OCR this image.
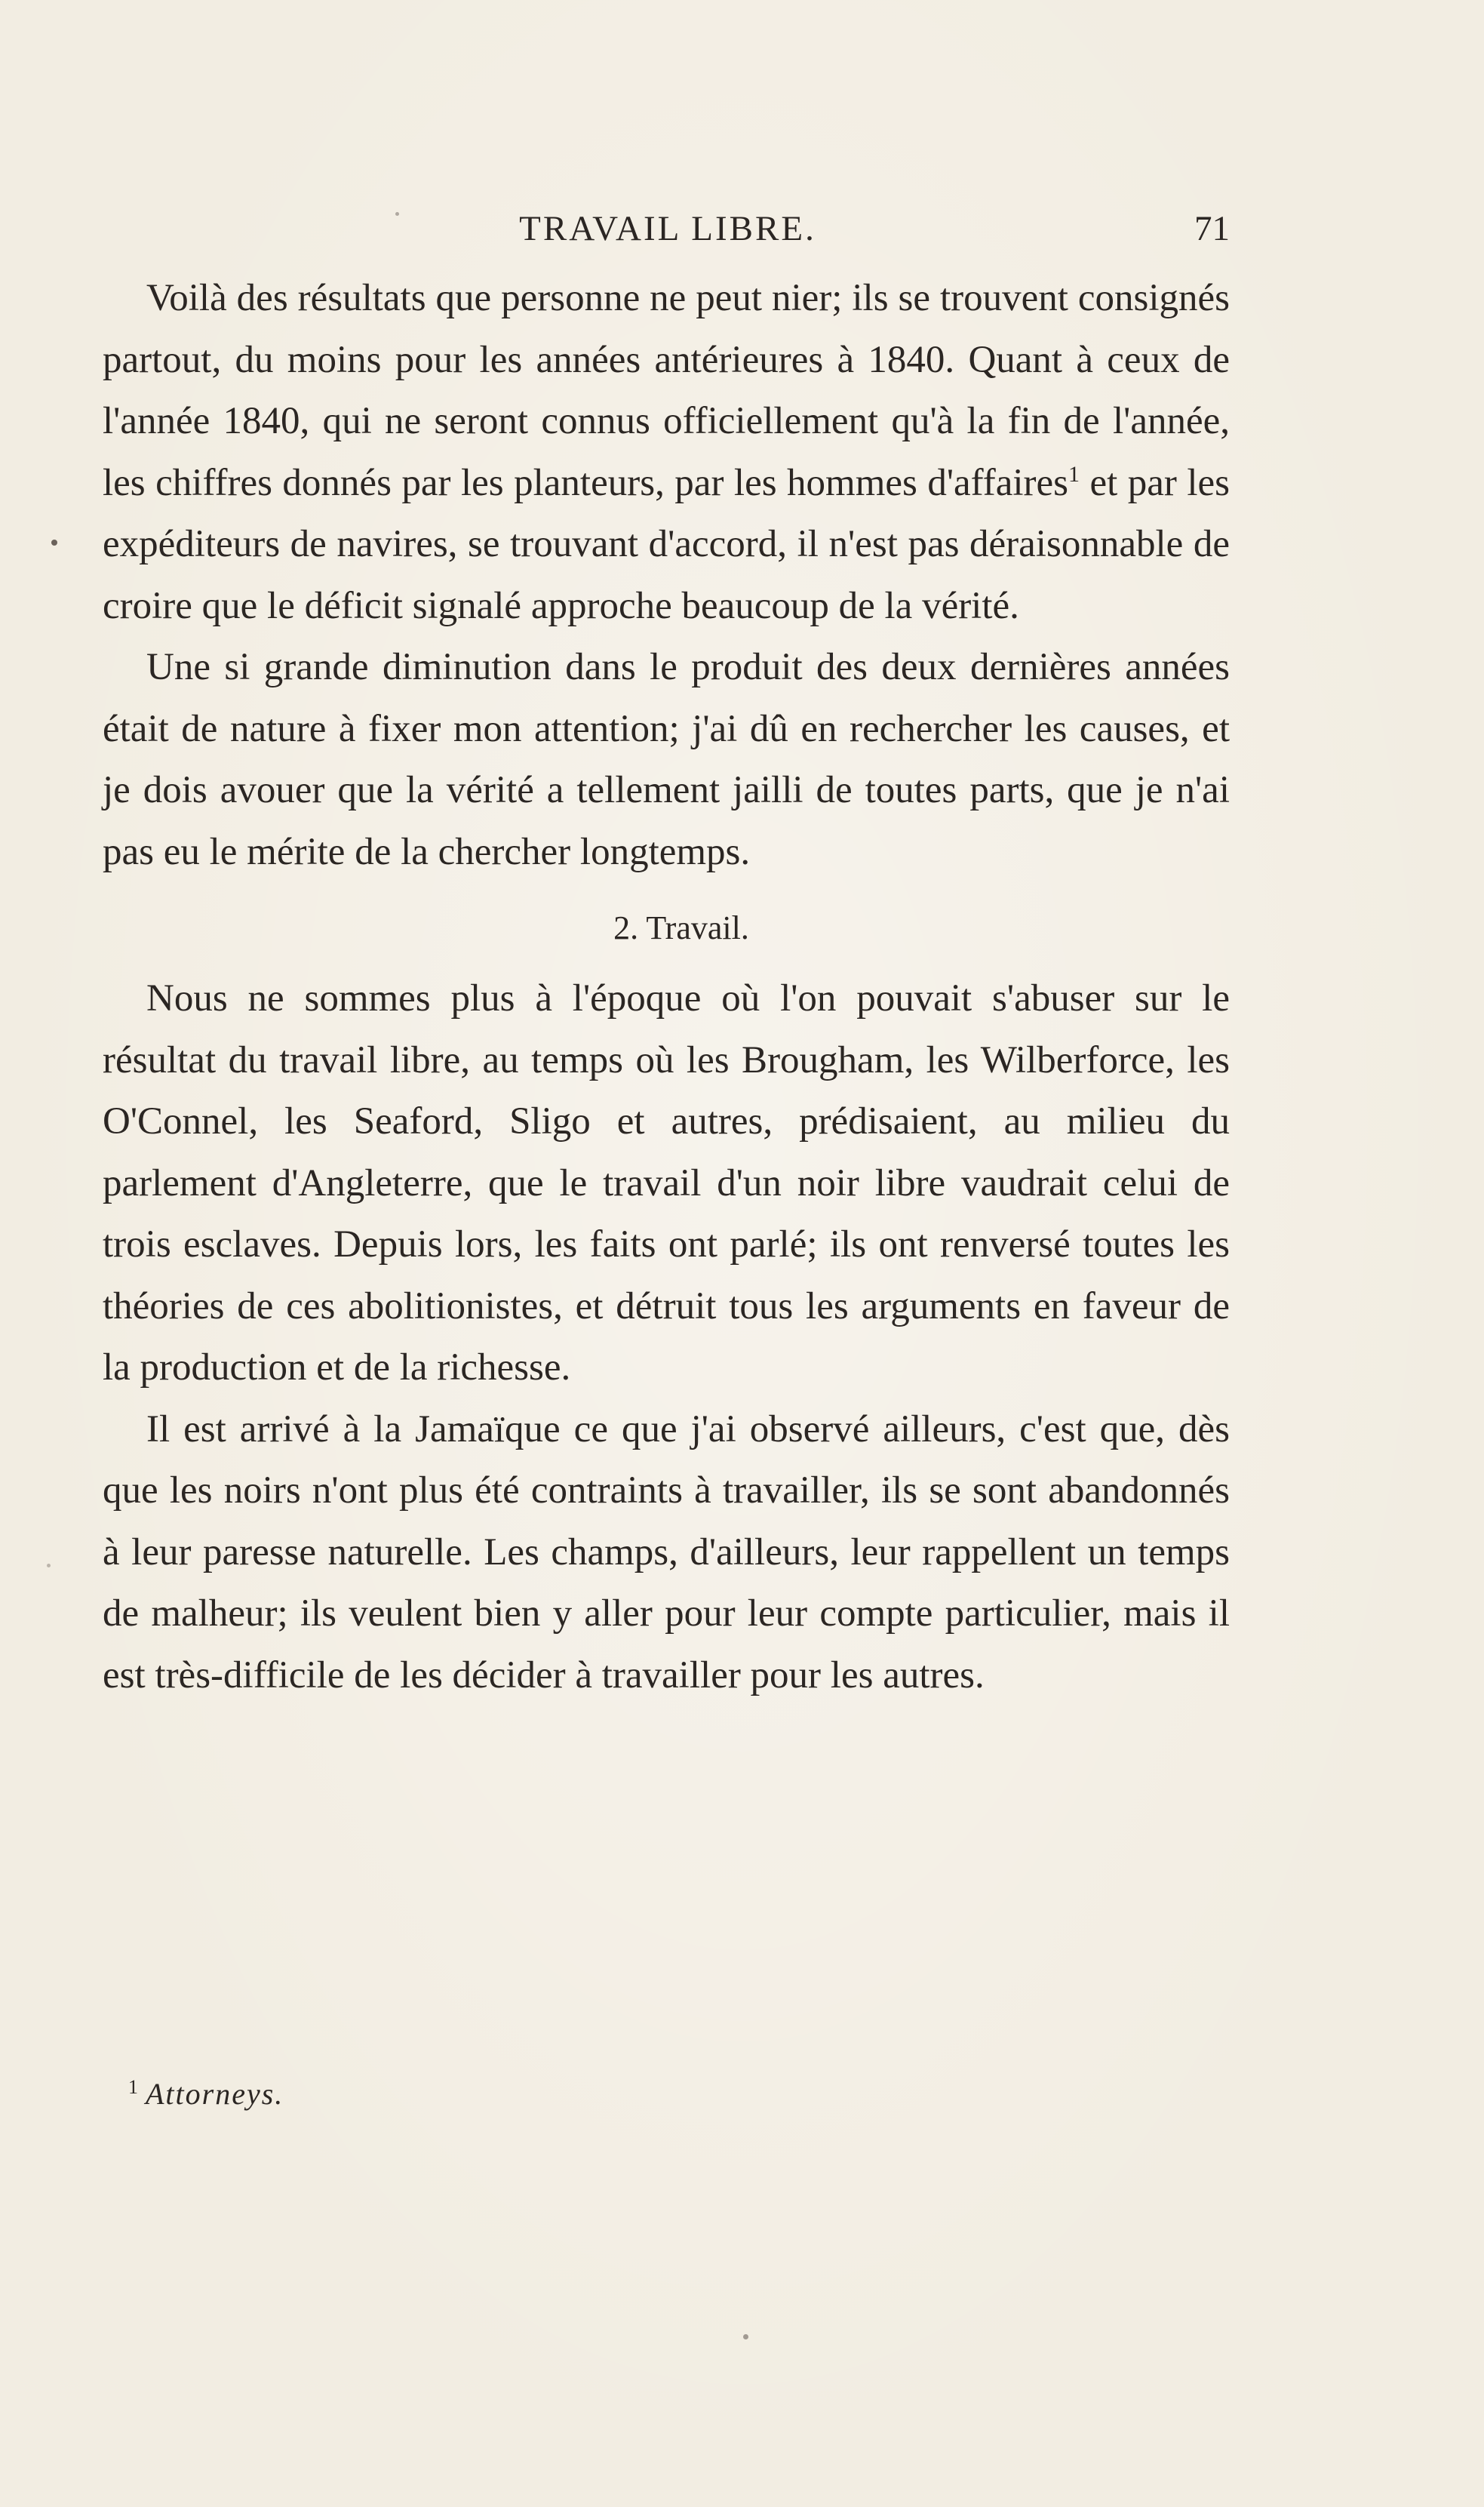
TRAVAIL LIBRE.	71

Voilà des résultats que personne ne peut nier; ils se trouvent consignés partout, du moins pour les années antérieures à 1840. Quant à ceux de l'année 1840, qui ne seront connus officiellement qu'à la fin de l'année, les chiffres donnés par les planteurs, par les hommes d'affaires$^1$ et par les expéditeurs de navires, se trouvant d'accord, il n'est pas déraisonnable de croire que le déficit signalé approche beaucoup de la vérité.

Une si grande diminution dans le produit des deux dernières années était de nature à fixer mon attention; j'ai dû en rechercher les causes, et je dois avouer que la vérité a tellement jailli de toutes parts, que je n'ai pas eu le mérite de la chercher longtemps.

2. Travail.

Nous ne sommes plus à l'époque où l'on pouvait s'abuser sur le résultat du travail libre, au temps où les Brougham, les Wilberforce, les O'Connel, les Seaford, Sligo et autres, prédisaient, au milieu du parlement d'Angleterre, que le travail d'un noir libre vaudrait celui de trois esclaves. Depuis lors, les faits ont parlé; ils ont renversé toutes les théories de ces abolitionistes, et détruit tous les arguments en faveur de la production et de la richesse.

Il est arrivé à la Jamaïque ce que j'ai observé ailleurs, c'est que, dès que les noirs n'ont plus été contraints à travailler, ils se sont abandonnés à leur paresse naturelle. Les champs, d'ailleurs, leur rappellent un temps de malheur; ils veulent bien y aller pour leur compte particulier, mais il est très-difficile de les décider à travailler pour les autres.

$^1$ Attorneys.
